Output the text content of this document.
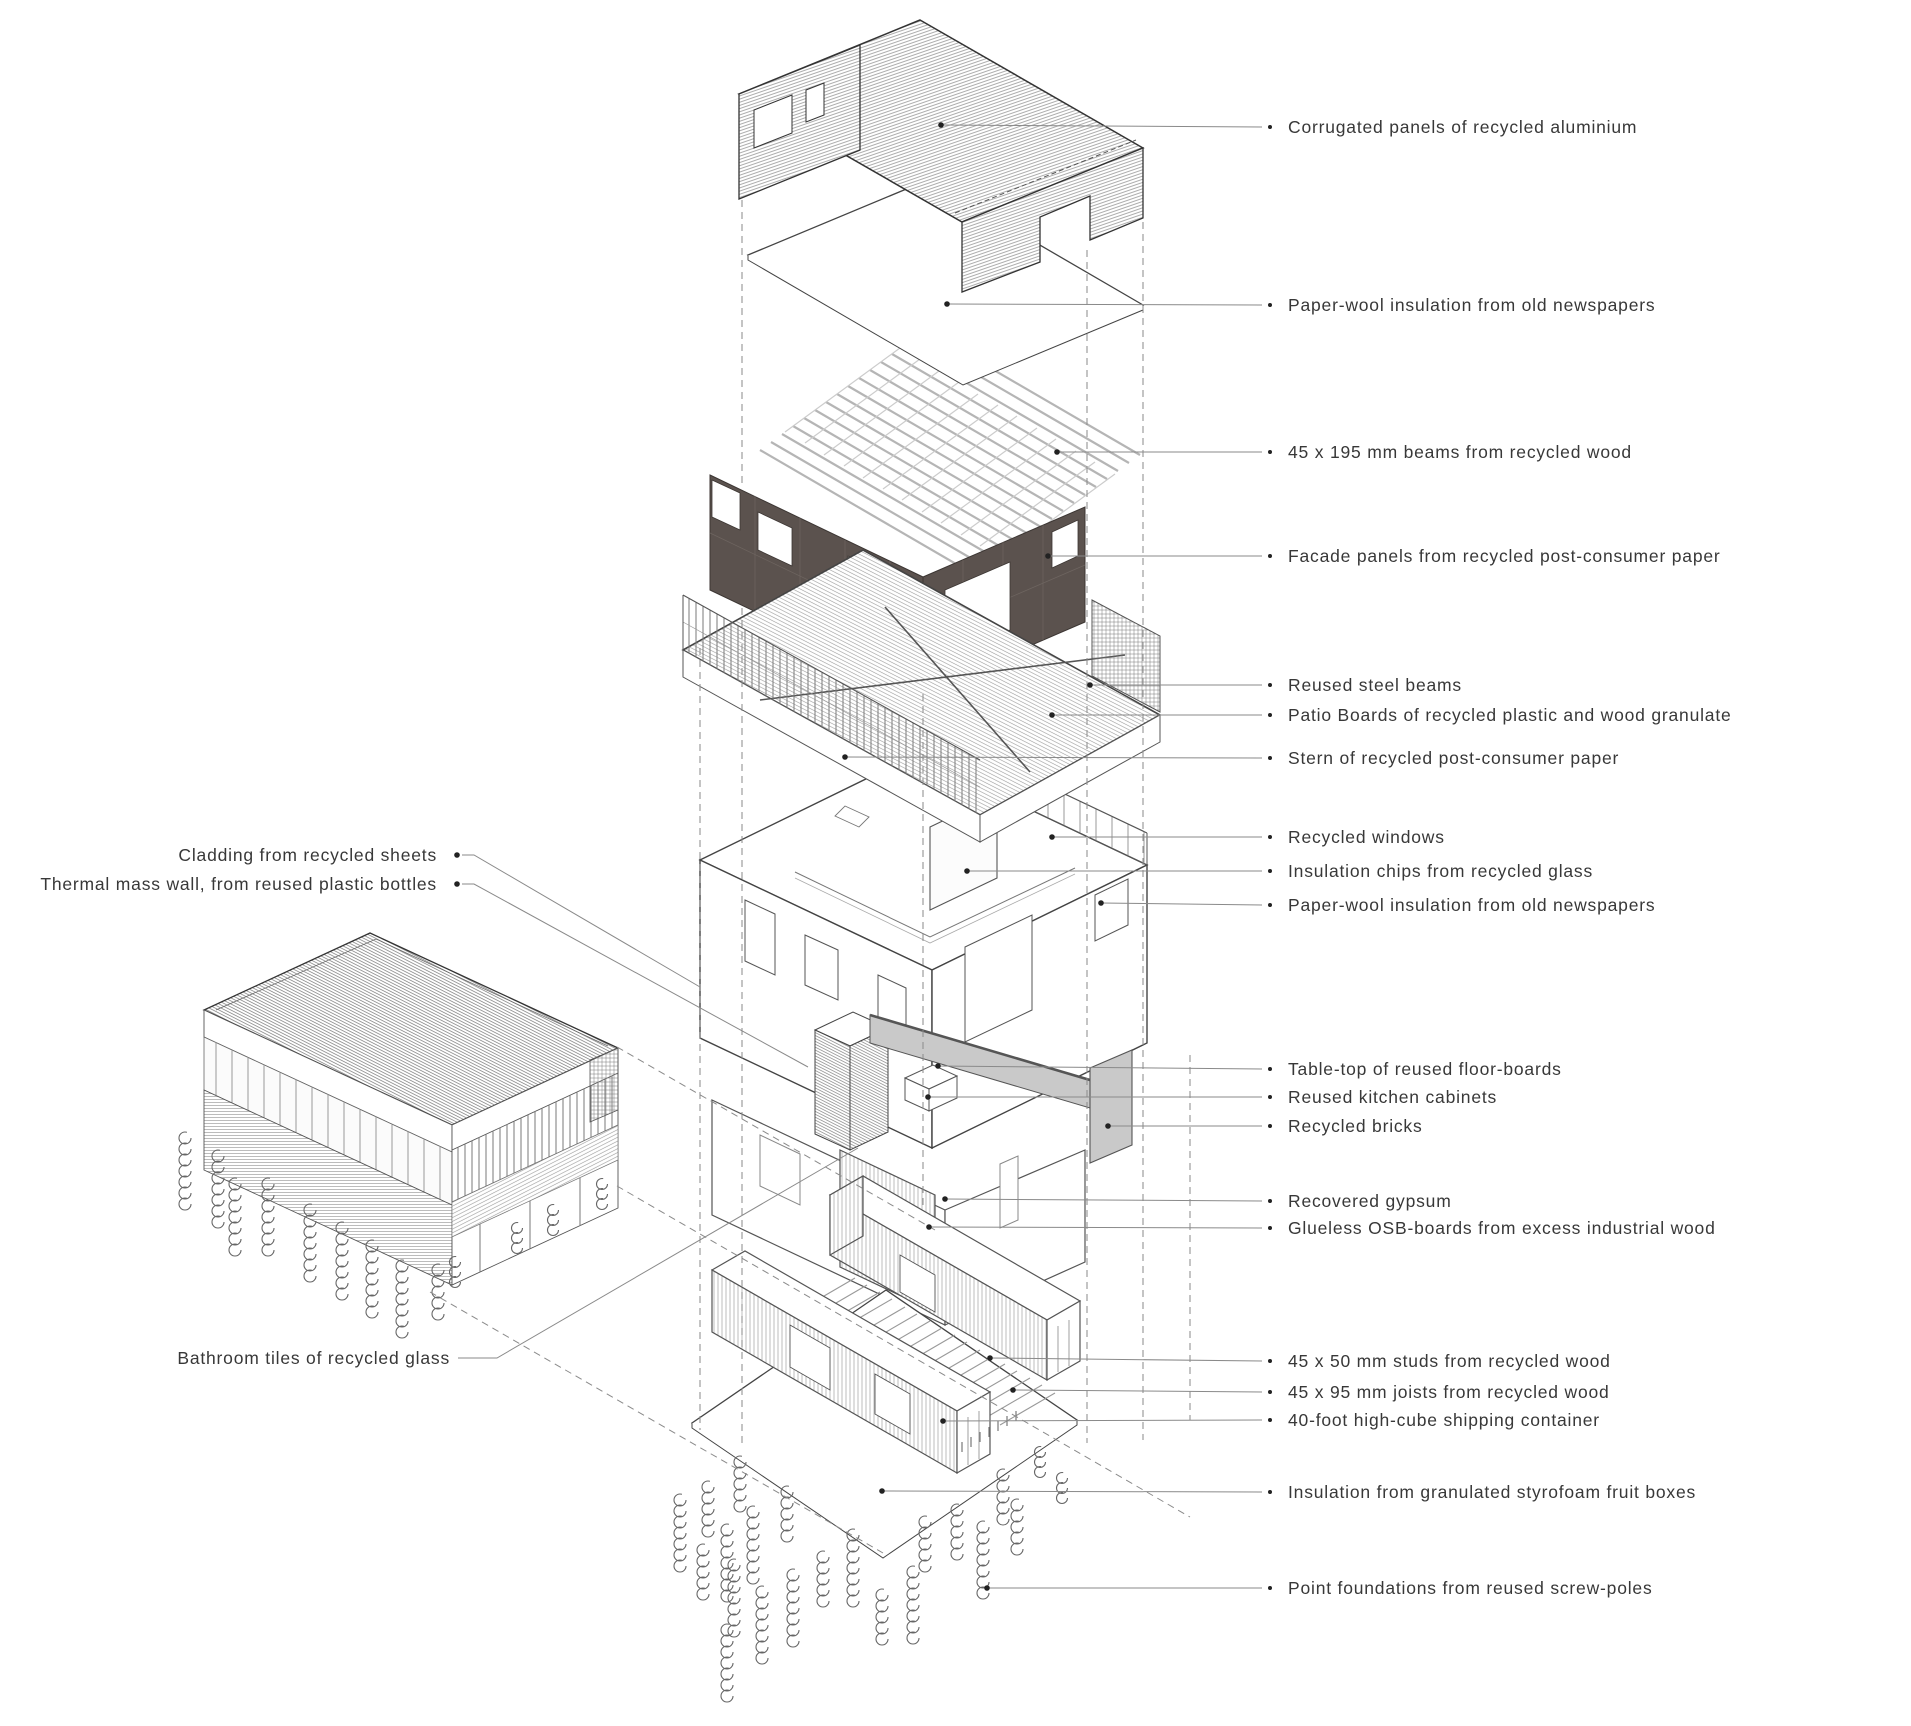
Corrugated panels of recycled aluminium
Paper-wool insulation from old newspapers
45 x 195 mm beams from recycled wood
Facade panels from recycled post-consumer paper
Reused steel beams
Patio Boards of recycled plastic and wood granulate
Stern of recycled post-consumer paper
Recycled windows
Insulation chips from recycled glass
Paper-wool insulation from old newspapers
Table-top of reused floor-boards
Reused kitchen cabinets
Recycled bricks
Recovered gypsum
Glueless OSB-boards from excess industrial wood
45 x 50 mm studs from recycled wood
45 x 95 mm joists from recycled wood
40-foot high-cube shipping container
Insulation from granulated styrofoam fruit boxes
Point foundations from reused screw-poles
Cladding from recycled sheets
Thermal mass wall, from reused plastic bottles
Bathroom tiles of recycled glass
